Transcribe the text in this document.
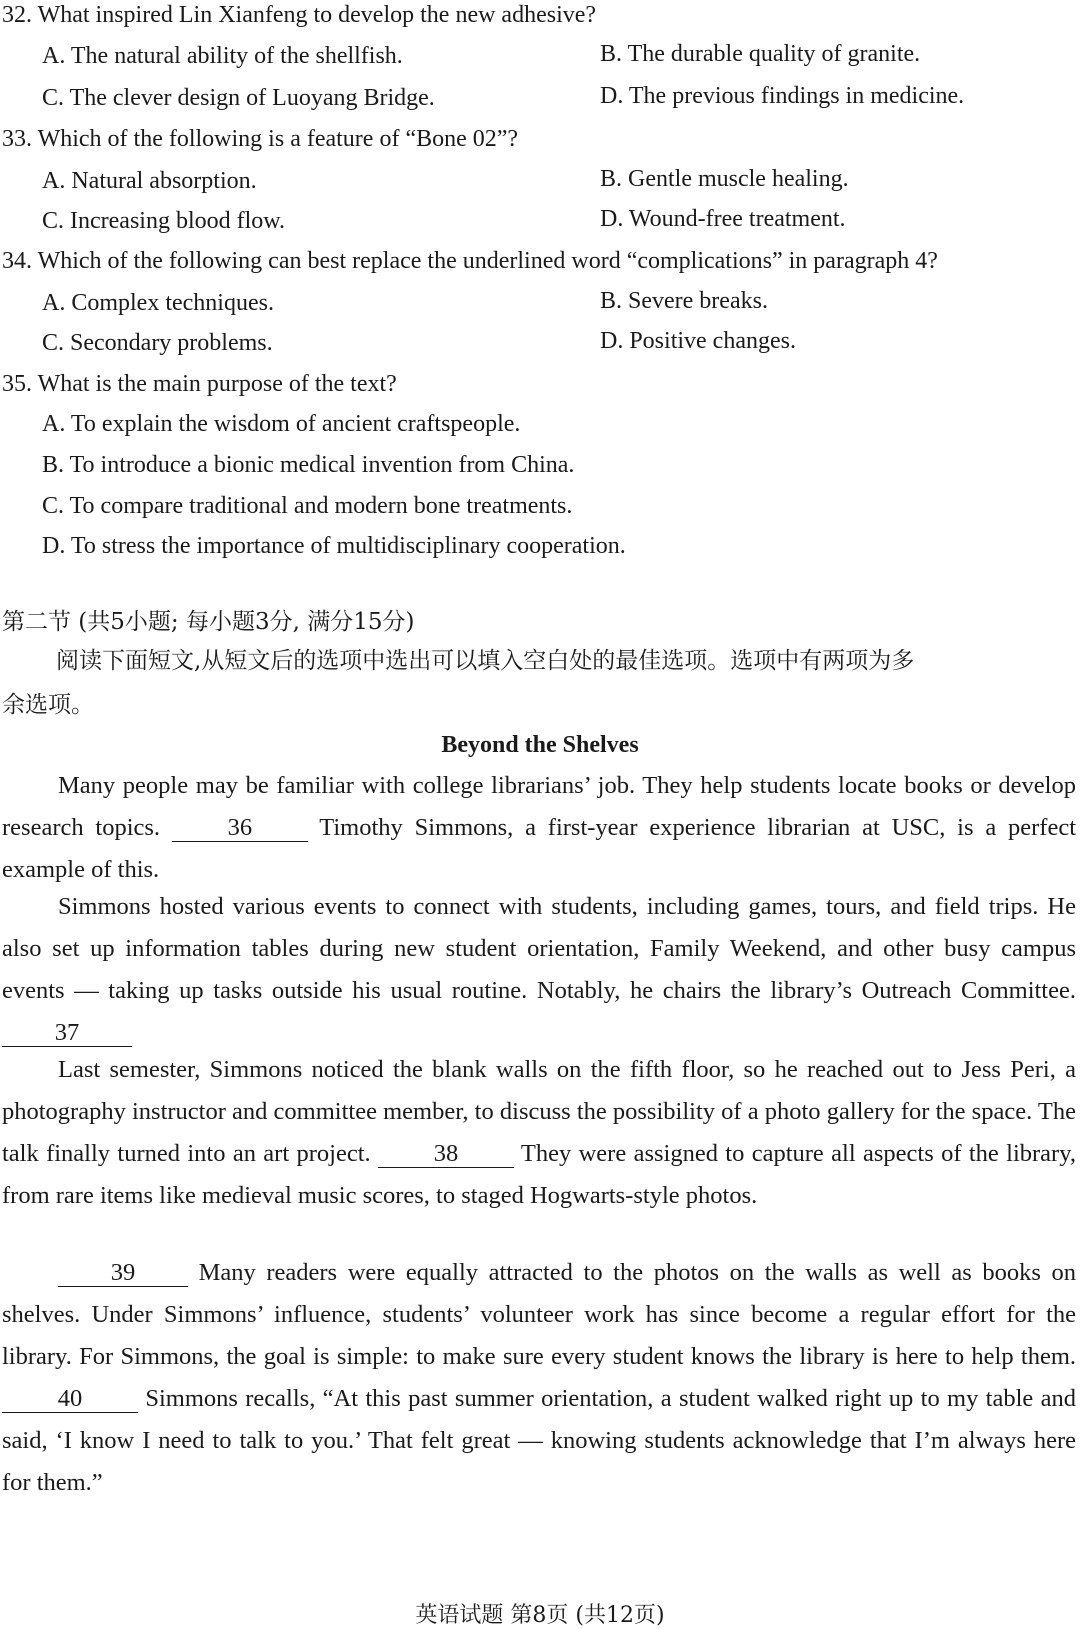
32. What inspired Lin Xianfeng to develop the new adhesive?
A. The natural ability of the shellfish.	B. The durable quality of granite.
C. The clever design of Luoyang Bridge.	D. The previous findings in medicine.
33. Which of the following is a feature of “Bone 02”?
A. Natural absorption.	B. Gentle muscle healing.
C. Increasing blood flow.	D. Wound-free treatment.
34. Which of the following can best replace the underlined word “complications” in paragraph 4?
A. Complex techniques.	B. Severe breaks.
C. Secondary problems.	D. Positive changes.
35. What is the main purpose of the text?
A. To explain the wisdom of ancient craftspeople.
B. To introduce a bionic medical invention from China.
C. To compare traditional and modern bone treatments.
D. To stress the importance of multidisciplinary cooperation.
第二节 (共5小题; 每小题3分, 满分15分)
阅读下面短文,从短文后的选项中选出可以填入空白处的最佳选项。选项中有两项为多
余选项。
Beyond the Shelves
Many people may be familiar with college librarians’ job. They help students locate books or develop research topics.	36	Timothy Simmons, a first-year experience librarian at USC, is a perfect example of this.
Simmons hosted various events to connect with students, including games, tours, and field trips. He also set up information tables during new student orientation, Family Weekend, and other busy campus events — taking up tasks outside his usual routine. Notably, he chairs the library’s Outreach Committee. 37
Last semester, Simmons noticed the blank walls on the fifth floor, so he reached out to Jess Peri, a photography instructor and committee member, to discuss the possibility of a photo gallery for the space. The talk finally turned into an art project.	38	They were assigned to capture all aspects of the library, from rare items like medieval music scores, to staged Hogwarts-style photos.
39	Many readers were equally attracted to the photos on the walls as well as books on shelves. Under Simmons’ influence, students’ volunteer work has since become a regular effort for the library. For Simmons, the goal is simple: to make sure every student knows the library is here to help them. 40	Simmons recalls, “At this past summer orientation, a student walked right up to my table and said, ‘I know I need to talk to you.’ That felt great — knowing students acknowledge that I’m always here for them.”
英语试题 第8页 (共12页)
